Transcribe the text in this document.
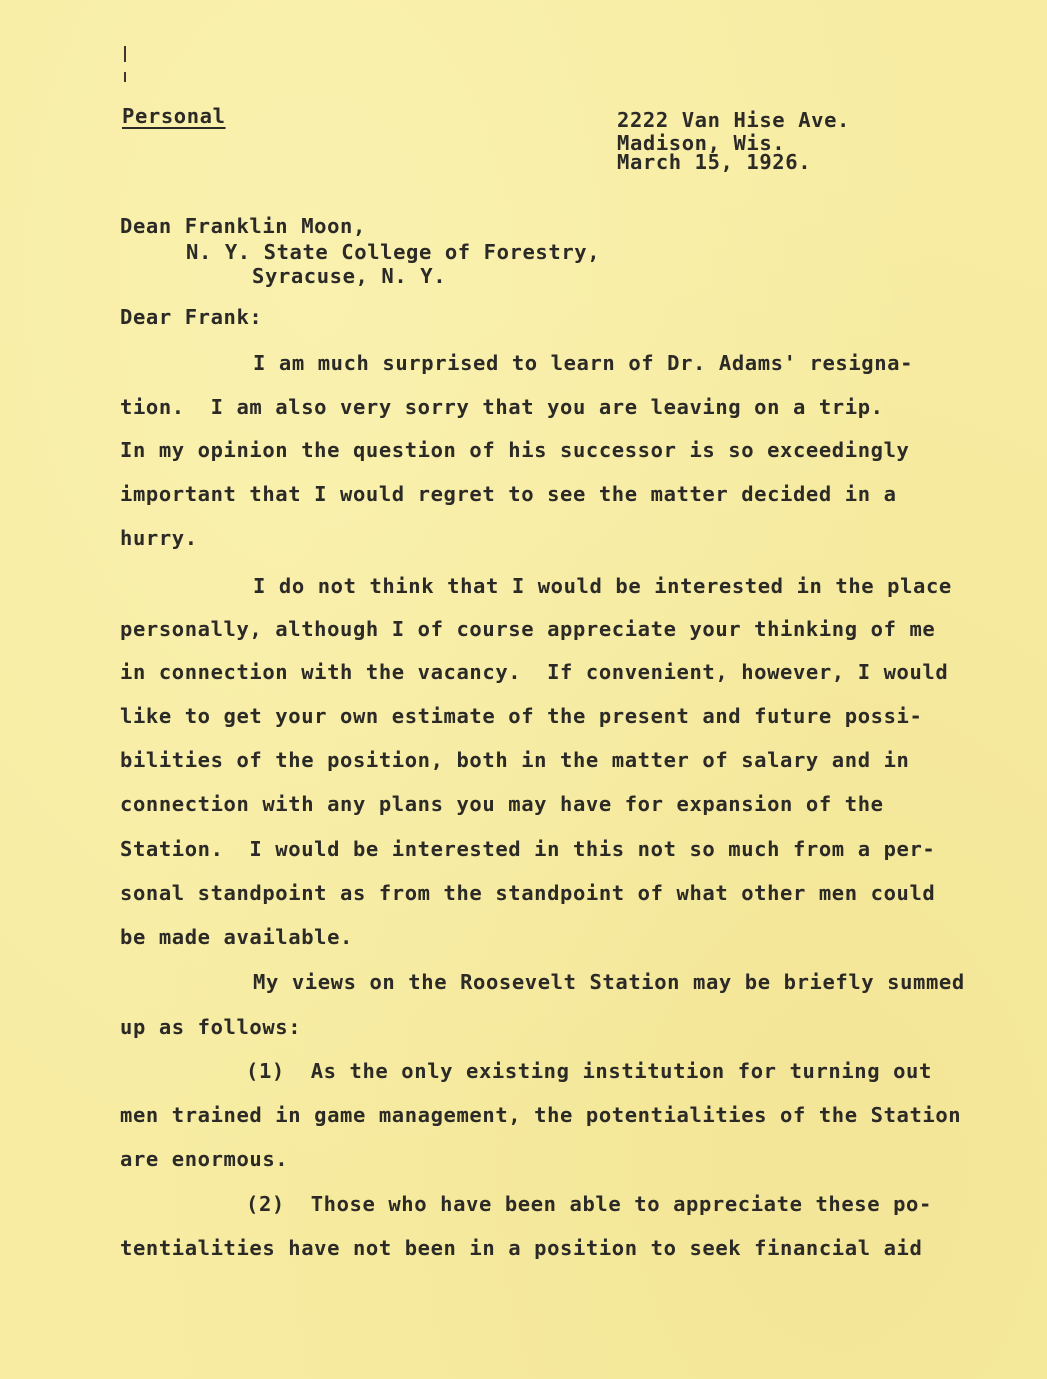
Personal	2222 Van Hise Ave.
Madison, Wis.
March 15, 1926.
Dean Franklin Moon,
N. Y. State College of Forestry,
Syracuse, N. Y.
Dear Frank:
I am much surprised to learn of Dr. Adams' resigna-
tion.  I am also very sorry that you are leaving on a trip.
In my opinion the question of his successor is so exceedingly
important that I would regret to see the matter decided in a
hurry.
I do not think that I would be interested in the place
personally, although I of course appreciate your thinking of me
in connection with the vacancy.  If convenient, however, I would
like to get your own estimate of the present and future possi-
bilities of the position, both in the matter of salary and in
connection with any plans you may have for expansion of the
Station.  I would be interested in this not so much from a per-
sonal standpoint as from the standpoint of what other men could
be made available.
My views on the Roosevelt Station may be briefly summed
up as follows:
(1)  As the only existing institution for turning out
men trained in game management, the potentialities of the Station
are enormous.
(2)  Those who have been able to appreciate these po-
tentialities have not been in a position to seek financial aid
